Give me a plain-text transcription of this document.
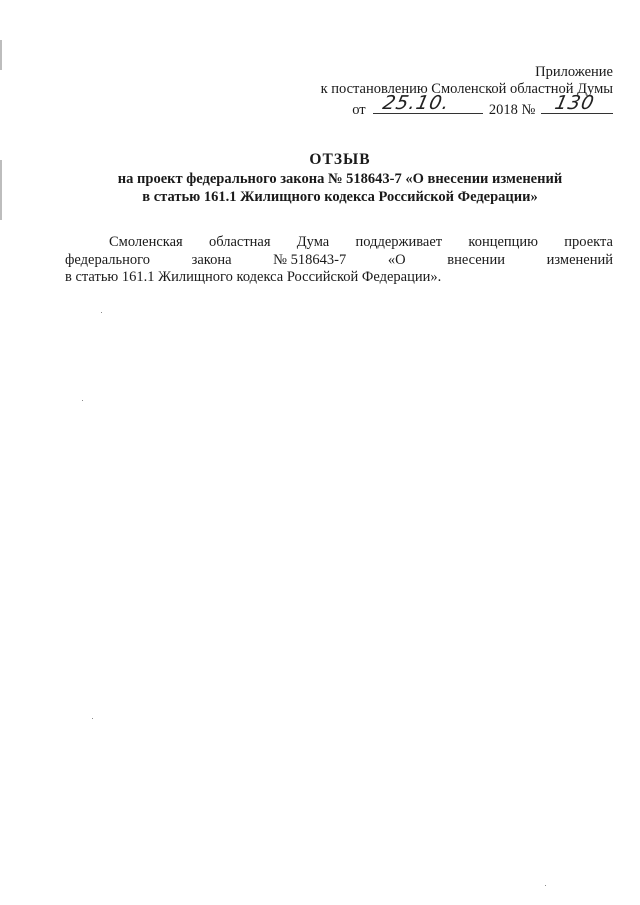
Приложение
к постановлению Смоленской областной Думы
от 25.10.	2018 № 130
ОТЗЫВ
на проект федерального закона № 518643-7 «О внесении изменений
в статью 161.1 Жилищного кодекса Российской Федерации»
Смоленская областная Дума поддерживает концепцию проекта
федерального	закона	№ 518643-7	«О	внесении	изменений
в статью 161.1 Жилищного кодекса Российской Федерации».
